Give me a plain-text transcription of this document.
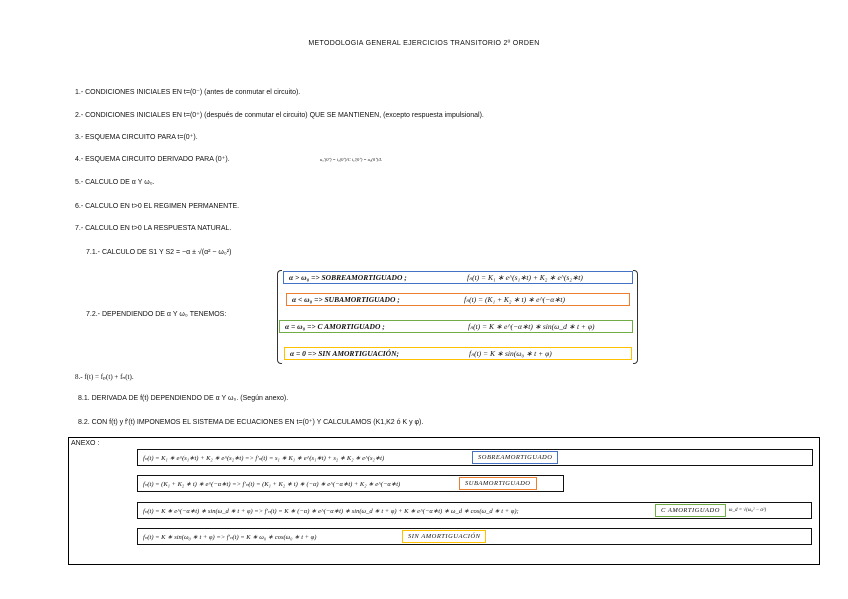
METODOLOGIA GENERAL EJERCICIOS TRANSITORIO 2º ORDEN
1.- CONDICIONES INICIALES EN t=(0⁻) (antes de conmutar el circuito).
2.- CONDICIONES INICIALES EN t=(0⁺) (después de conmutar el circuito) QUE SE MANTIENEN, (excepto respuesta impulsional).
3.- ESQUEMA CIRCUITO PARA t=(0⁺).
4.- ESQUEMA CIRCUITO DERIVADO PARA (0⁺).	u꜀'(0⁺) = i꜀(0⁺)/C i꜀'(0⁺) = u꜀(0⁺)/L
5.- CALCULO DE α Y ω₀.
6.- CALCULO EN t>0 EL REGIMEN PERMANENTE.
7.- CALCULO EN t>0 LA RESPUESTA NATURAL.
7.1.- CALCULO DE S1 Y S2 = −α ± √(α² − ω₀²)
7.2.- DEPENDIENDO DE α Y ω₀ TENEMOS:
α > ω₀ => SOBREAMORTIGUADO ;	fₙ(t) = K₁ ∗ e^(s₁∗t) + K₂ ∗ e^(s₂∗t)
α < ω₀ => SUBAMORTIGUADO ;	fₙ(t) = (K₁ + K₂ ∗ t) ∗ e^(−α∗t)
α = ω₀ => C AMORTIGUADO ;	fₙ(t) = K ∗ e^(−α∗t) ∗ sin(ω_d ∗ t + φ)
α = 0 => SIN AMORTIGUACIÓN;	fₙ(t) = K ∗ sin(ω₀ ∗ t + φ)
8.- f(t) = fₚ(t) + fₙ(t).
8.1. DERIVADA DE f(t) DEPENDIENDO DE α Y ω₀. (Según anexo).
8.2. CON f(t) y f'(t) IMPONEMOS EL SISTEMA DE ECUACIONES EN t=(0⁺) Y CALCULAMOS (K1,K2 ó K y φ).
ANEXO :
fₙ(t) = K₁ ∗ e^(s₁∗t) + K₂ ∗ e^(s₂∗t) => f'ₙ(t) = s₁ ∗ K₁ ∗ e^(s₁∗t) + s₂ ∗ K₂ ∗ e^(s₂∗t)	SOBREAMORTIGUADO
fₙ(t) = (K₁ + K₂ ∗ t) ∗ e^(−α∗t) => f'ₙ(t) = (K₁ + K₂ ∗ t) ∗ (−α) ∗ e^(−α∗t) + K₂ ∗ e^(−α∗t)	SUBAMORTIGUADO
fₙ(t) = K ∗ e^(−α∗t) ∗ sin(ω_d ∗ t + φ) => f'ₙ(t) = K ∗ (−α) ∗ e^(−α∗t) ∗ sin(ω_d ∗ t + φ) + K ∗ e^(−α∗t) ∗ ω_d ∗ cos(ω_d ∗ t + φ);	C AMORTIGUADO	ω_d = √(ω₀² − α²)
fₙ(t) = K ∗ sin(ω₀ ∗ t + φ) => f'ₙ(t) = K ∗ ω₀ ∗ cos(ω₀ ∗ t + φ)	SIN AMORTIGUACIÓN
